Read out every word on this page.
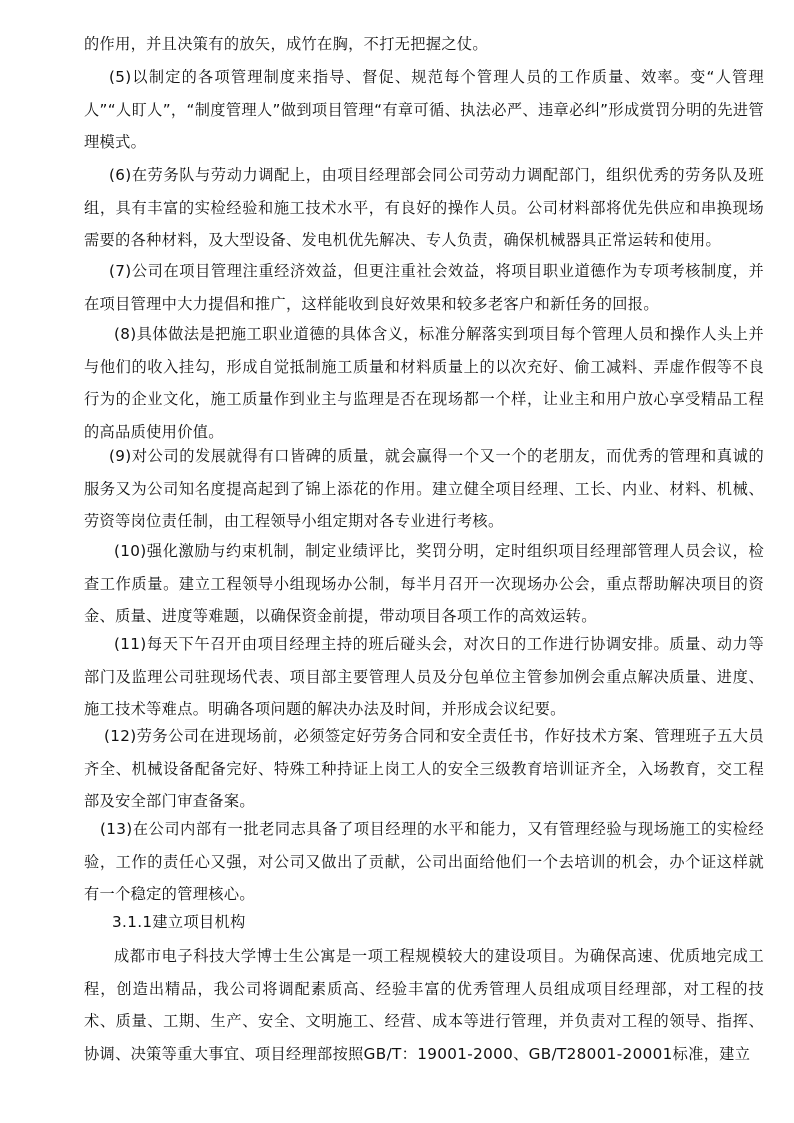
的作用，并且决策有的放矢，成竹在胸，不打无把握之仗。

(5)以制定的各项管理制度来指导、督促、规范每个管理人员的工作质量、效率。变“人管理人”“人盯人”，“制度管理人”做到项目管理“有章可循、执法必严、违章必纠”形成赏罚分明的先进管理模式。

(6)在劳务队与劳动力调配上，由项目经理部会同公司劳动力调配部门，组织优秀的劳务队及班组，具有丰富的实检经验和施工技术水平，有良好的操作人员。公司材料部将优先供应和串换现场需要的各种材料，及大型设备、发电机优先解决、专人负责，确保机械器具正常运转和使用。

(7)公司在项目管理注重经济效益，但更注重社会效益，将项目职业道德作为专项考核制度，并在项目管理中大力提倡和推广，这样能收到良好效果和较多老客户和新任务的回报。

(8)具体做法是把施工职业道德的具体含义，标准分解落实到项目每个管理人员和操作人头上并与他们的收入挂勾，形成自觉抵制施工质量和材料质量上的以次充好、偷工减料、弄虚作假等不良行为的企业文化，施工质量作到业主与监理是否在现场都一个样，让业主和用户放心享受精品工程的高品质使用价值。

(9)对公司的发展就得有口皆碑的质量，就会赢得一个又一个的老朋友，而优秀的管理和真诚的服务又为公司知名度提高起到了锦上添花的作用。建立健全项目经理、工长、内业、材料、机械、劳资等岗位责任制，由工程领导小组定期对各专业进行考核。

(10)强化激励与约束机制，制定业绩评比，奖罚分明，定时组织项目经理部管理人员会议，检查工作质量。建立工程领导小组现场办公制，每半月召开一次现场办公会，重点帮助解决项目的资金、质量、进度等难题，以确保资金前提，带动项目各项工作的高效运转。

(11)每天下午召开由项目经理主持的班后碰头会，对次日的工作进行协调安排。质量、动力等部门及监理公司驻现场代表、项目部主要管理人员及分包单位主管参加例会重点解决质量、进度、施工技术等难点。明确各项问题的解决办法及时间，并形成会议纪要。

(12)劳务公司在进现场前，必须签定好劳务合同和安全责任书，作好技术方案、管理班子五大员齐全、机械设备配备完好、特殊工种持证上岗工人的安全三级教育培训证齐全，入场教育，交工程部及安全部门审查备案。

(13)在公司内部有一批老同志具备了项目经理的水平和能力，又有管理经验与现场施工的实检经验，工作的责任心又强，对公司又做出了贡献，公司出面给他们一个去培训的机会，办个证这样就有一个稳定的管理核心。

3.1.1建立项目机构

成都市电子科技大学博士生公寓是一项工程规模较大的建设项目。为确保高速、优质地完成工程，创造出精品，我公司将调配素质高、经验丰富的优秀管理人员组成项目经理部，对工程的技术、质量、工期、生产、安全、文明施工、经营、成本等进行管理，并负责对工程的领导、指挥、协调、决策等重大事宜、项目经理部按照GB/T：19001-2000、GB/T28001-20001标准，建立
